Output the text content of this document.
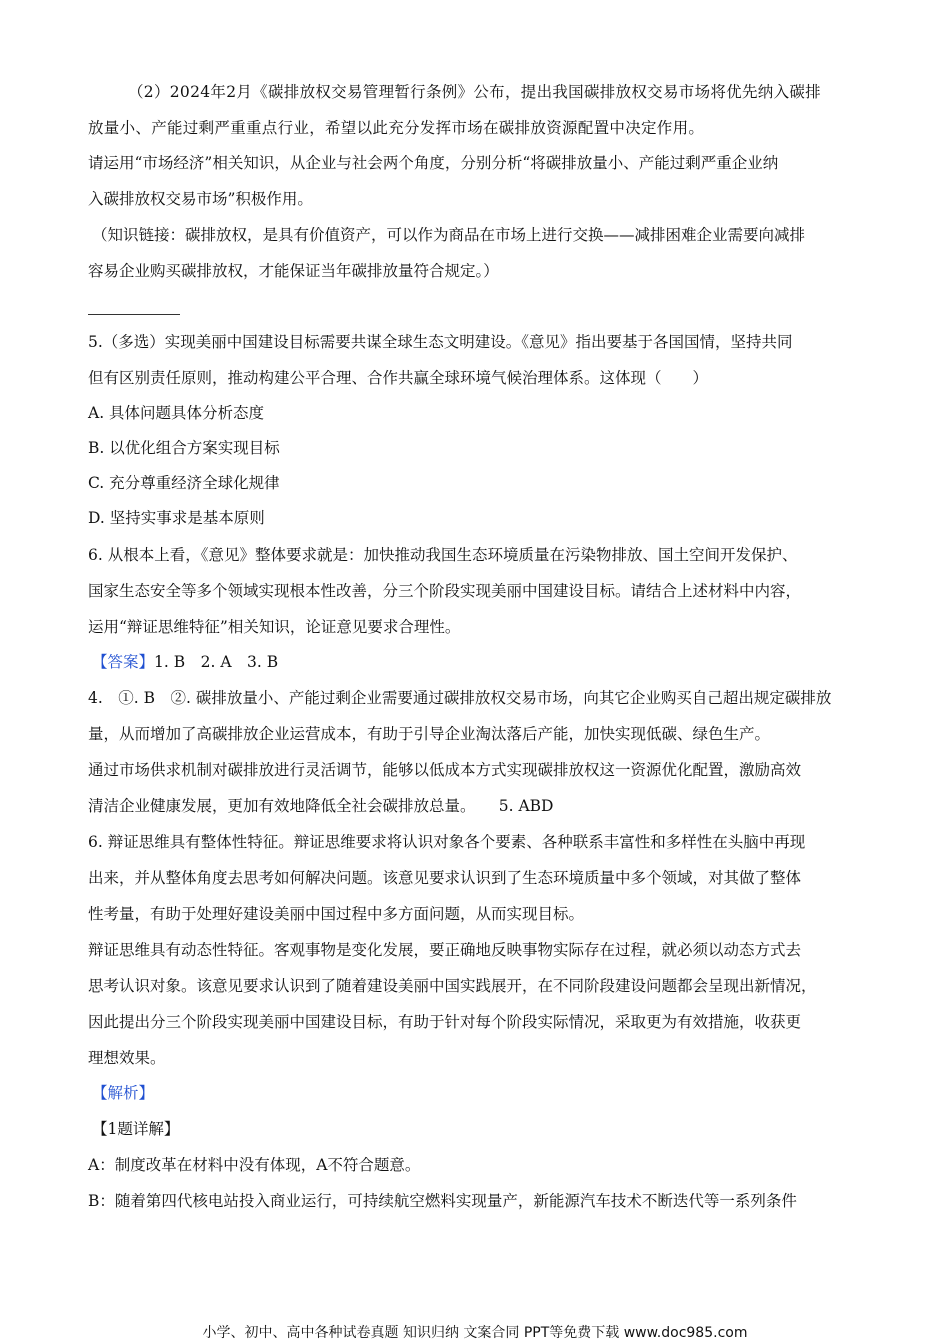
（2）2024年2月《碳排放权交易管理暂行条例》公布，提出我国碳排放权交易市场将优先纳入碳排
放量小、产能过剩严重重点行业，希望以此充分发挥市场在碳排放资源配置中决定作用。
请运用“市场经济”相关知识，从企业与社会两个角度，分别分析“将碳排放量小、产能过剩严重企业纳
入碳排放权交易市场”积极作用。
（知识链接：碳排放权，是具有价值资产，可以作为商品在市场上进行交换——减排困难企业需要向减排
容易企业购买碳排放权，才能保证当年碳排放量符合规定。）
5.（多选）实现美丽中国建设目标需要共谋全球生态文明建设。《意见》指出要基于各国国情，坚持共同
但有区别责任原则，推动构建公平合理、合作共赢全球环境气候治理体系。这体现（　　）
A. 具体问题具体分析态度
B. 以优化组合方案实现目标
C. 充分尊重经济全球化规律
D. 坚持实事求是基本原则
6. 从根本上看，《意见》整体要求就是：加快推动我国生态环境质量在污染物排放、国土空间开发保护、
国家生态安全等多个领域实现根本性改善，分三个阶段实现美丽中国建设目标。请结合上述材料中内容，
运用“辩证思维特征”相关知识，论证意见要求合理性。
【答案】1. B　2. A　3. B
4.　①. B　②. 碳排放量小、产能过剩企业需要通过碳排放权交易市场，向其它企业购买自己超出规定碳排放
量，从而增加了高碳排放企业运营成本，有助于引导企业淘汰落后产能，加快实现低碳、绿色生产。
通过市场供求机制对碳排放进行灵活调节，能够以低成本方式实现碳排放权这一资源优化配置，激励高效
清洁企业健康发展，更加有效地降低全社会碳排放总量。　　5. ABD
6. 辩证思维具有整体性特征。辩证思维要求将认识对象各个要素、各种联系丰富性和多样性在头脑中再现
出来，并从整体角度去思考如何解决问题。该意见要求认识到了生态环境质量中多个领域，对其做了整体
性考量，有助于处理好建设美丽中国过程中多方面问题，从而实现目标。
辩证思维具有动态性特征。客观事物是变化发展，要正确地反映事物实际存在过程，就必须以动态方式去
思考认识对象。该意见要求认识到了随着建设美丽中国实践展开，在不同阶段建设问题都会呈现出新情况，
因此提出分三个阶段实现美丽中国建设目标，有助于针对每个阶段实际情况，采取更为有效措施，收获更
理想效果。
【解析】
【1题详解】
A：制度改革在材料中没有体现，A不符合题意。
B：随着第四代核电站投入商业运行，可持续航空燃料实现量产，新能源汽车技术不断迭代等一系列条件
小学、初中、高中各种试卷真题 知识归纳 文案合同 PPT等免费下载 www.doc985.com
